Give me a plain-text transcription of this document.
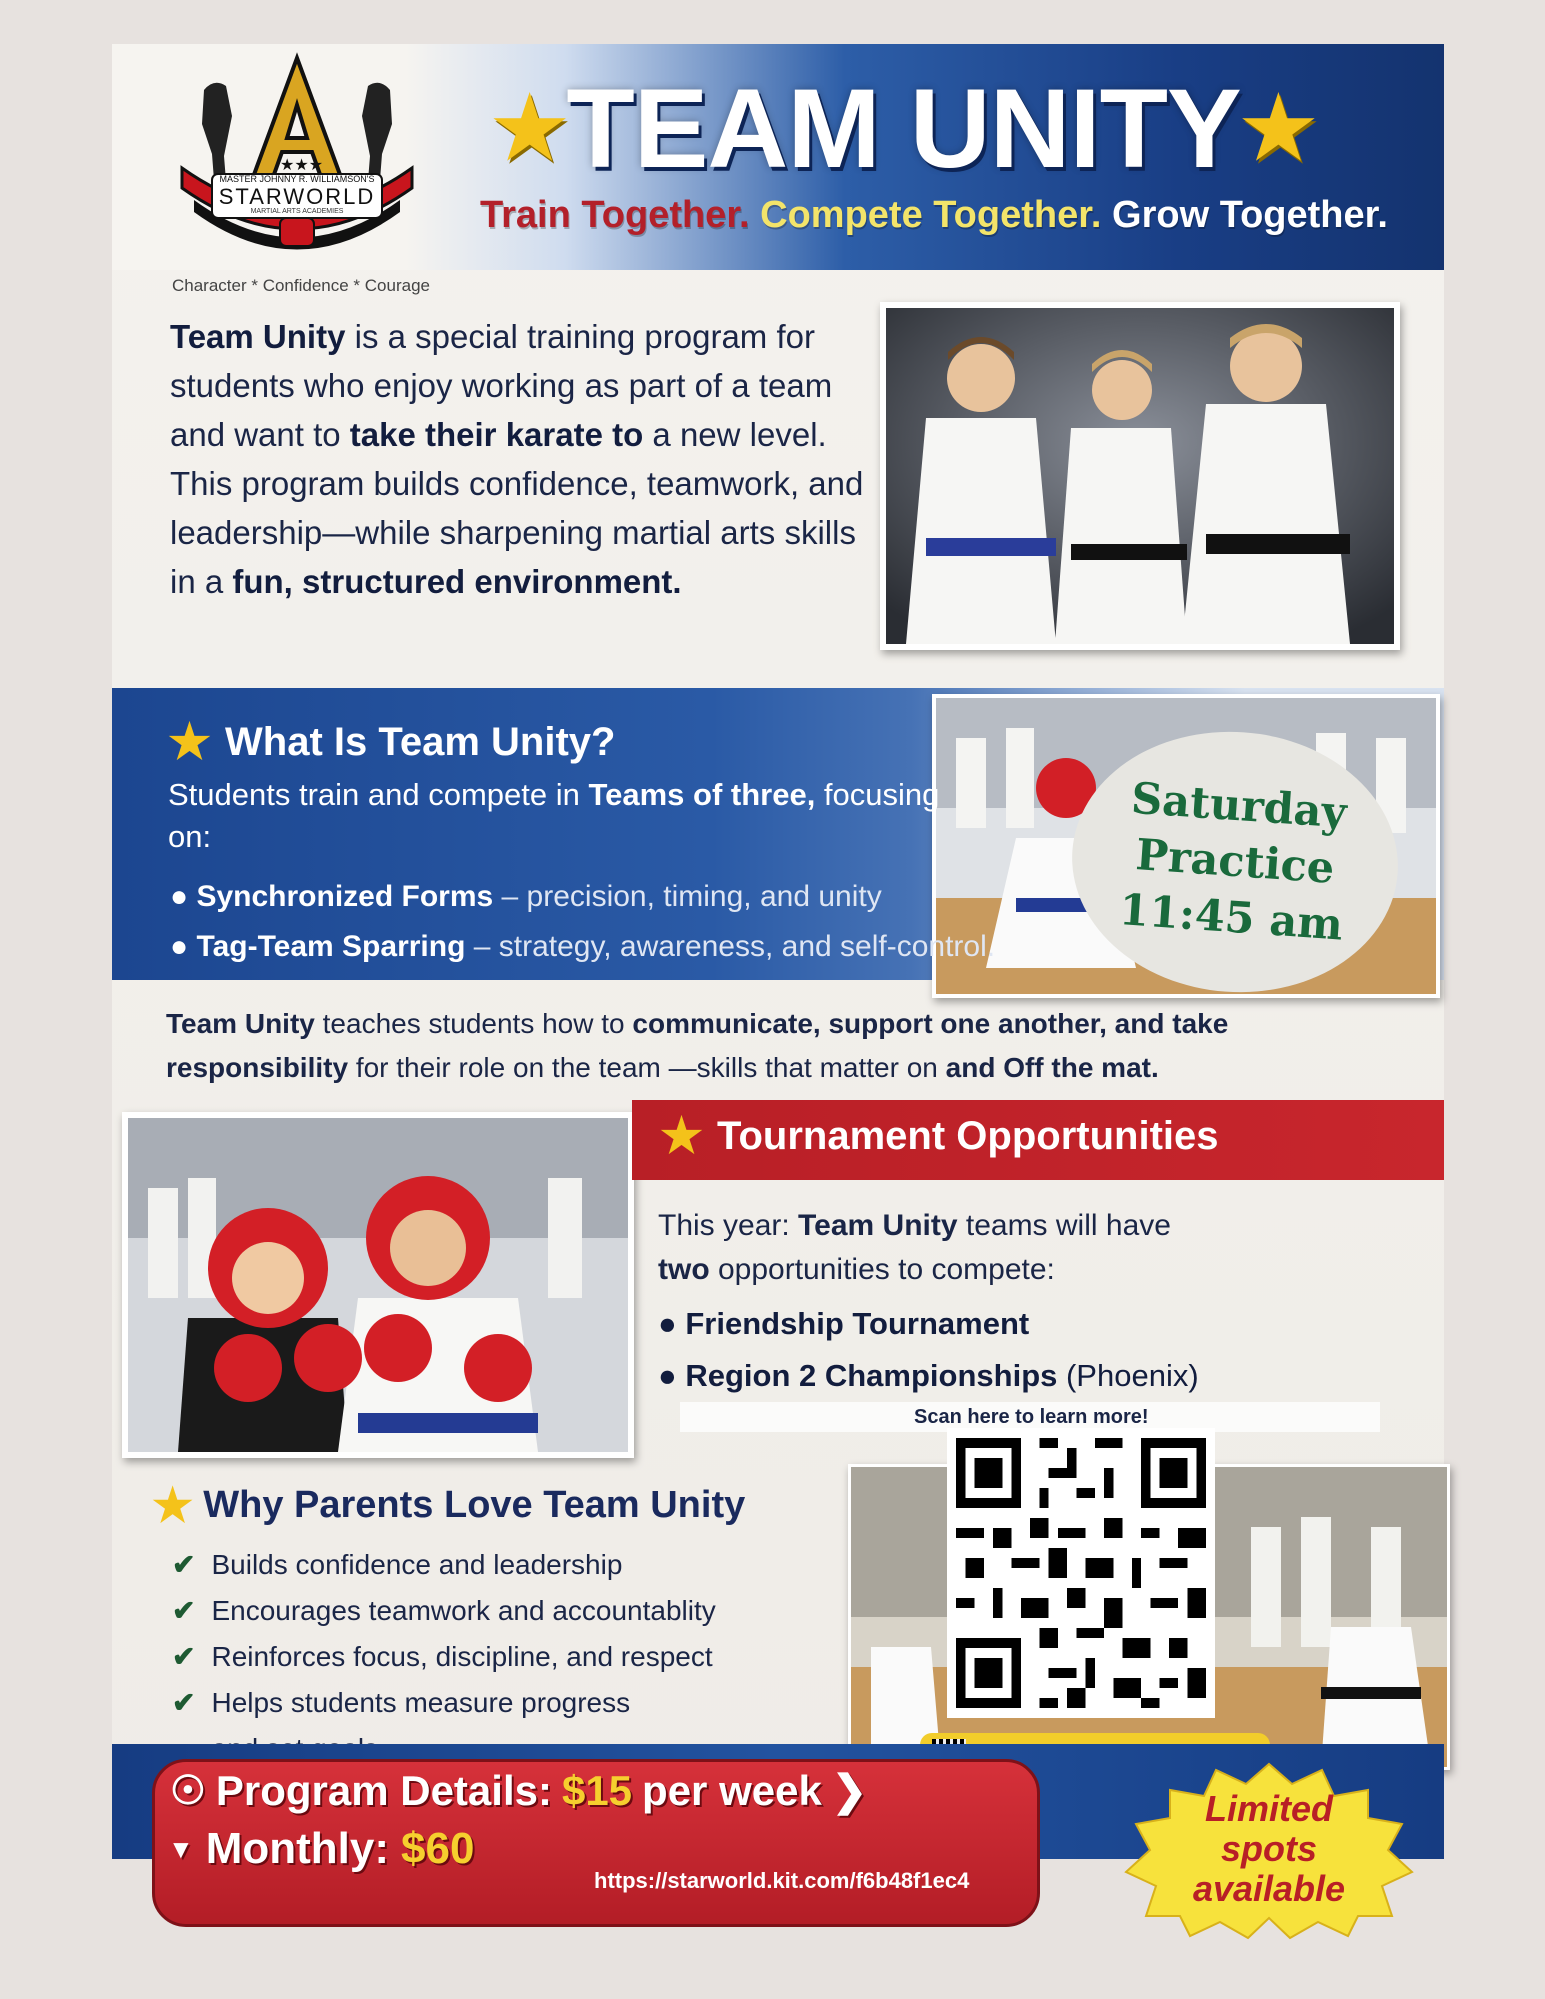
★★★
MASTER JOHNNY R. WILLIAMSON'S
STARWORLD
MARTIAL ARTS ACADEMIES
Character * Confidence * Courage
★ TEAM UNITY ★
Train Together. Compete Together. Grow Together.
Team Unity is a special training program for students who enjoy working as part of a team and want to take their karate to a new level. This program builds confidence, teamwork, and leadership—while sharpening martial arts skills in a fun, structured environment.
★ What Is Team Unity?
Students train and compete in Teams of three, focusing on:
● Synchronized Forms – precision, timing, and unity
● Tag-Team Sparring – strategy, awareness, and self-control.
Saturday
Practice
11:45 am
Team Unity teaches students how to communicate, support one another, and take responsibility for their role on the team —skills that matter on and Off the mat.
★ Tournament Opportunities
This year: Team Unity teams will have
two opportunities to compete:
● Friendship Tournament
● Region 2 Championships (Phoenix)
Scan here to learn more!
★ Why Parents Love Team Unity
✔ Builds confidence and leadership
✔ Encourages teamwork and accountablity
✔ Reinforces focus, discipline, and respect
✔ Helps students measure progress
☉ Program Details: $15 per week ❯
▼ Monthly: $60
https://starworld.kit.com/f6b48f1ec4
Limited
spots
available
